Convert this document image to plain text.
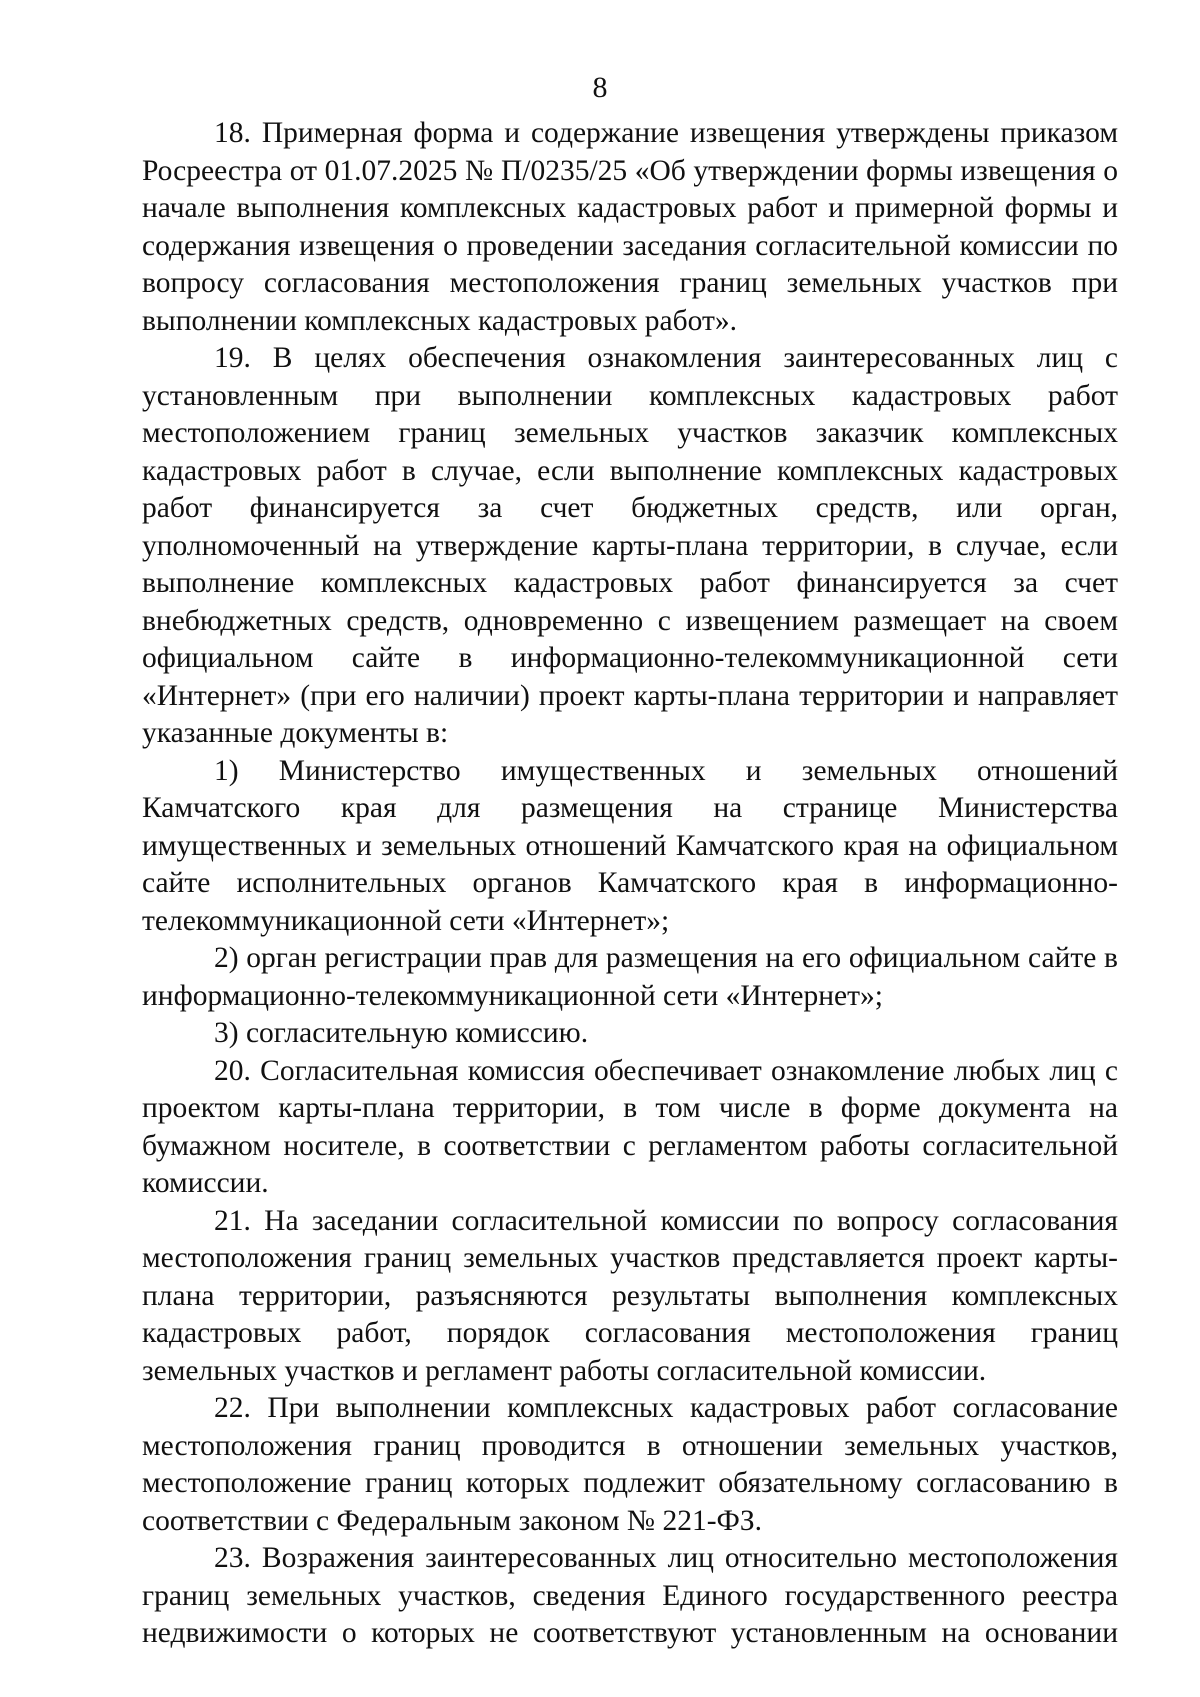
8

18. Примерная форма и содержание извещения утверждены приказом Росреестра от 01.07.2025 № П/0235/25 «Об утверждении формы извещения о начале выполнения комплексных кадастровых работ и примерной формы и содержания извещения о проведении заседания согласительной комиссии по вопросу согласования местоположения границ земельных участков при выполнении комплексных кадастровых работ».

19. В целях обеспечения ознакомления заинтересованных лиц с установленным при выполнении комплексных кадастровых работ местоположением границ земельных участков заказчик комплексных кадастровых работ в случае, если выполнение комплексных кадастровых работ финансируется за счет бюджетных средств, или орган, уполномоченный на утверждение карты-плана территории, в случае, если выполнение комплексных кадастровых работ финансируется за счет внебюджетных средств, одновременно с извещением размещает на своем официальном сайте в информационно-телекоммуникационной сети «Интернет» (при его наличии) проект карты-плана территории и направляет указанные документы в:

1) Министерство имущественных и земельных отношений Камчатского края для размещения на странице Министерства имущественных и земельных отношений Камчатского края на официальном сайте исполнительных органов Камчатского края в информационно-телекоммуникационной сети «Интернет»;

2) орган регистрации прав для размещения на его официальном сайте в информационно-телекоммуникационной сети «Интернет»;

3) согласительную комиссию.

20. Согласительная комиссия обеспечивает ознакомление любых лиц с проектом карты-плана территории, в том числе в форме документа на бумажном носителе, в соответствии с регламентом работы согласительной комиссии.

21. На заседании согласительной комиссии по вопросу согласования местоположения границ земельных участков представляется проект карты-плана территории, разъясняются результаты выполнения комплексных кадастровых работ, порядок согласования местоположения границ земельных участков и регламент работы согласительной комиссии.

22. При выполнении комплексных кадастровых работ согласование местоположения границ проводится в отношении земельных участков, местоположение границ которых подлежит обязательному согласованию в соответствии с Федеральным законом № 221-ФЗ.

23. Возражения заинтересованных лиц относительно местоположения границ земельных участков, сведения Единого государственного реестра недвижимости о которых не соответствуют установленным на основании
